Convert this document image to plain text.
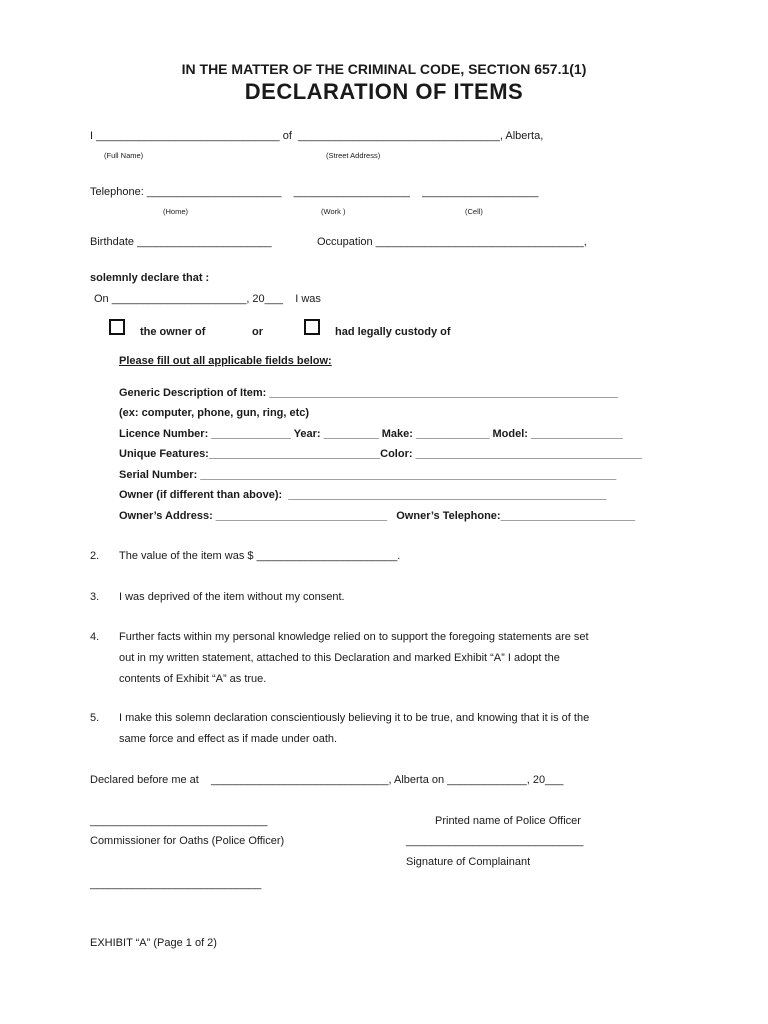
IN THE MATTER OF THE CRIMINAL CODE, SECTION 657.1(1)
DECLARATION OF ITEMS
I ______________________________ of  _________________________________, Alberta,
(Full Name)	(Street Address)
Telephone: ______________________    ___________________    ___________________
(Home)	(Work )	(Cell)
Birthdate ______________________	Occupation __________________________________,
solemnly declare that :
On ______________________, 20___    I was
the owner of	or	had legally custody of
Please fill out all applicable fields below:
Generic Description of Item: _________________________________________________________
(ex: computer, phone, gun, ring, etc)
Licence Number: _____________ Year: _________ Make: ____________ Model: _______________
Unique Features:____________________________Color: _____________________________________
Serial Number: ____________________________________________________________________
Owner (if different than above):  ____________________________________________________
Owner’s Address: ____________________________   Owner’s Telephone:______________________
2. The value of the item was $ _______________________.
3. I was deprived of the item without my consent.
4. Further facts within my personal knowledge relied on to support the foregoing statements are set
out in my written statement, attached to this Declaration and marked Exhibit “A” I adopt the
contents of Exhibit “A” as true.
5. I make this solemn declaration conscientiously believing it to be true, and knowing that it is of the
same force and effect as if made under oath.
Declared before me at    _____________________________, Alberta on _____________, 20___
_____________________________	Printed name of Police Officer
Commissioner for Oaths (Police Officer)	_____________________________
Signature of Complainant
____________________________
EXHIBIT “A” (Page 1 of 2)
